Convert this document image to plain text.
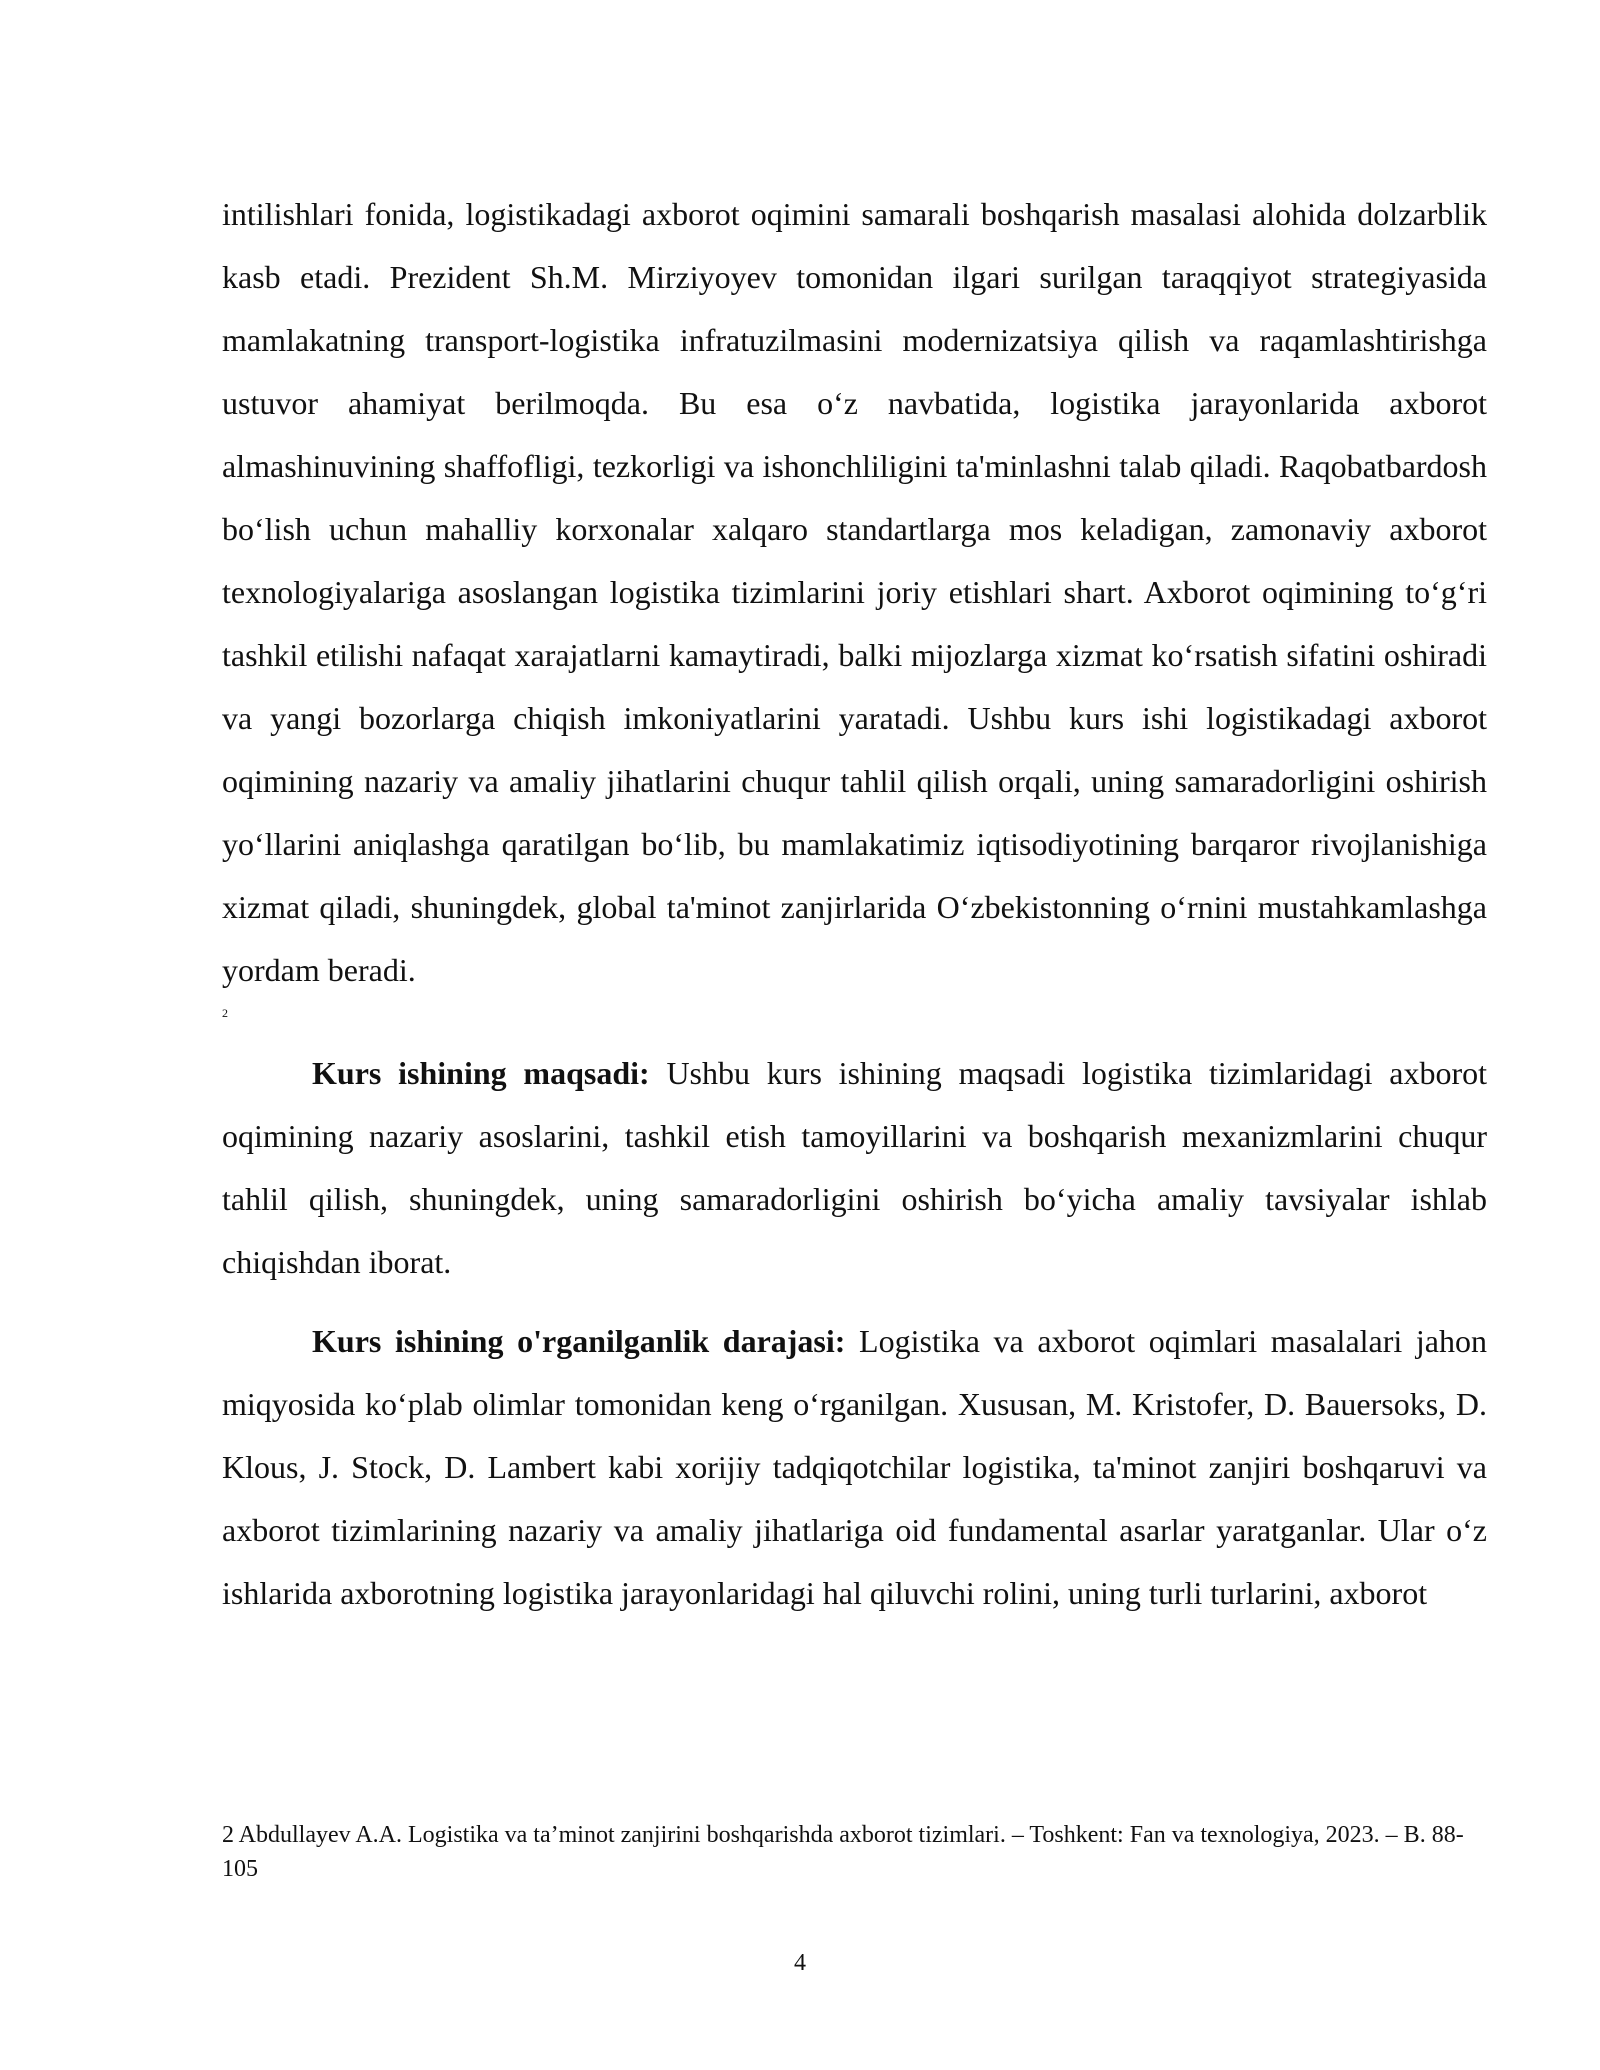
intilishlari fonida, logistikadagi axborot oqimini samarali boshqarish masalasi alohida dolzarblik kasb etadi. Prezident Sh.M. Mirziyoyev tomonidan ilgari surilgan taraqqiyot strategiyasida mamlakatning transport-logistika infratuzilmasini modernizatsiya qilish va raqamlashtirishga ustuvor ahamiyat berilmoqda. Bu esa o‘z navbatida, logistika jarayonlarida axborot almashinuvining shaffofligi, tezkorligi va ishonchliligini ta'minlashni talab qiladi. Raqobatbardosh bo‘lish uchun mahalliy korxonalar xalqaro standartlarga mos keladigan, zamonaviy axborot texnologiyalariga asoslangan logistika tizimlarini joriy etishlari shart. Axborot oqimining to‘g‘ri tashkil etilishi nafaqat xarajatlarni kamaytiradi, balki mijozlarga xizmat ko‘rsatish sifatini oshiradi va yangi bozorlarga chiqish imkoniyatlarini yaratadi. Ushbu kurs ishi logistikadagi axborot oqimining nazariy va amaliy jihatlarini chuqur tahlil qilish orqali, uning samaradorligini oshirish yo‘llarini aniqlashga qaratilgan bo‘lib, bu mamlakatimiz iqtisodiyotining barqaror rivojlanishiga xizmat qiladi, shuningdek, global ta'minot zanjirlarida O‘zbekistonning o‘rnini mustahkamlashga yordam beradi.

2

Kurs ishining maqsadi: Ushbu kurs ishining maqsadi logistika tizimlaridagi axborot oqimining nazariy asoslarini, tashkil etish tamoyillarini va boshqarish mexanizmlarini chuqur tahlil qilish, shuningdek, uning samaradorligini oshirish bo‘yicha amaliy tavsiyalar ishlab chiqishdan iborat.

Kurs ishining o'rganilganlik darajasi: Logistika va axborot oqimlari masalalari jahon miqyosida ko‘plab olimlar tomonidan keng o‘rganilgan. Xususan, M. Kristofer, D. Bauersoks, D. Klous, J. Stock, D. Lambert kabi xorijiy tadqiqotchilar logistika, ta'minot zanjiri boshqaruvi va axborot tizimlarining nazariy va amaliy jihatlariga oid fundamental asarlar yaratganlar. Ular o‘z ishlarida axborotning logistika jarayonlaridagi hal qiluvchi rolini, uning turli turlarini, axborot

2 Abdullayev A.A. Logistika va ta’minot zanjirini boshqarishda axborot tizimlari. – Toshkent: Fan va texnologiya, 2023. – B. 88-105
4
